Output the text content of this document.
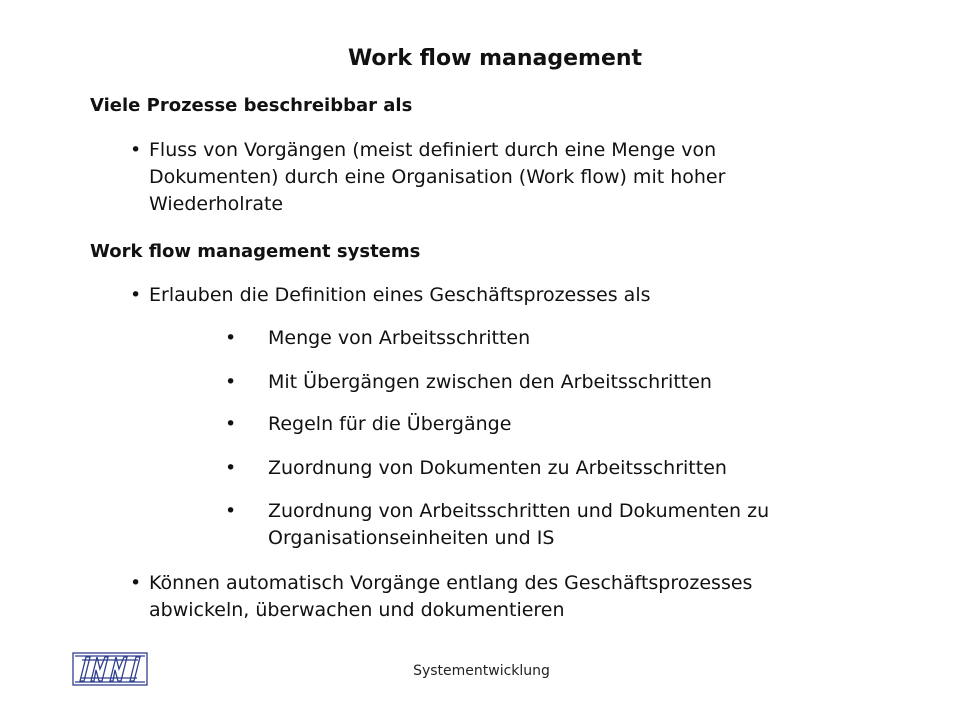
Work flow management

Viele Prozesse beschreibbar als

• Fluss von Vorgängen (meist definiert durch eine Menge von Dokumenten) durch eine Organisation (Work flow) mit hoher Wiederholrate

Work flow management systems

• Erlauben die Definition eines Geschäftsprozesses als
• Menge von Arbeitsschritten
• Mit Übergängen zwischen den Arbeitsschritten
• Regeln für die Übergänge
• Zuordnung von Dokumenten zu Arbeitsschritten
• Zuordnung von Arbeitsschritten und Dokumenten zu Organisationseinheiten und IS
• Können automatisch Vorgänge entlang des Geschäftsprozesses abwickeln, überwachen und dokumentieren
Systementwicklung
